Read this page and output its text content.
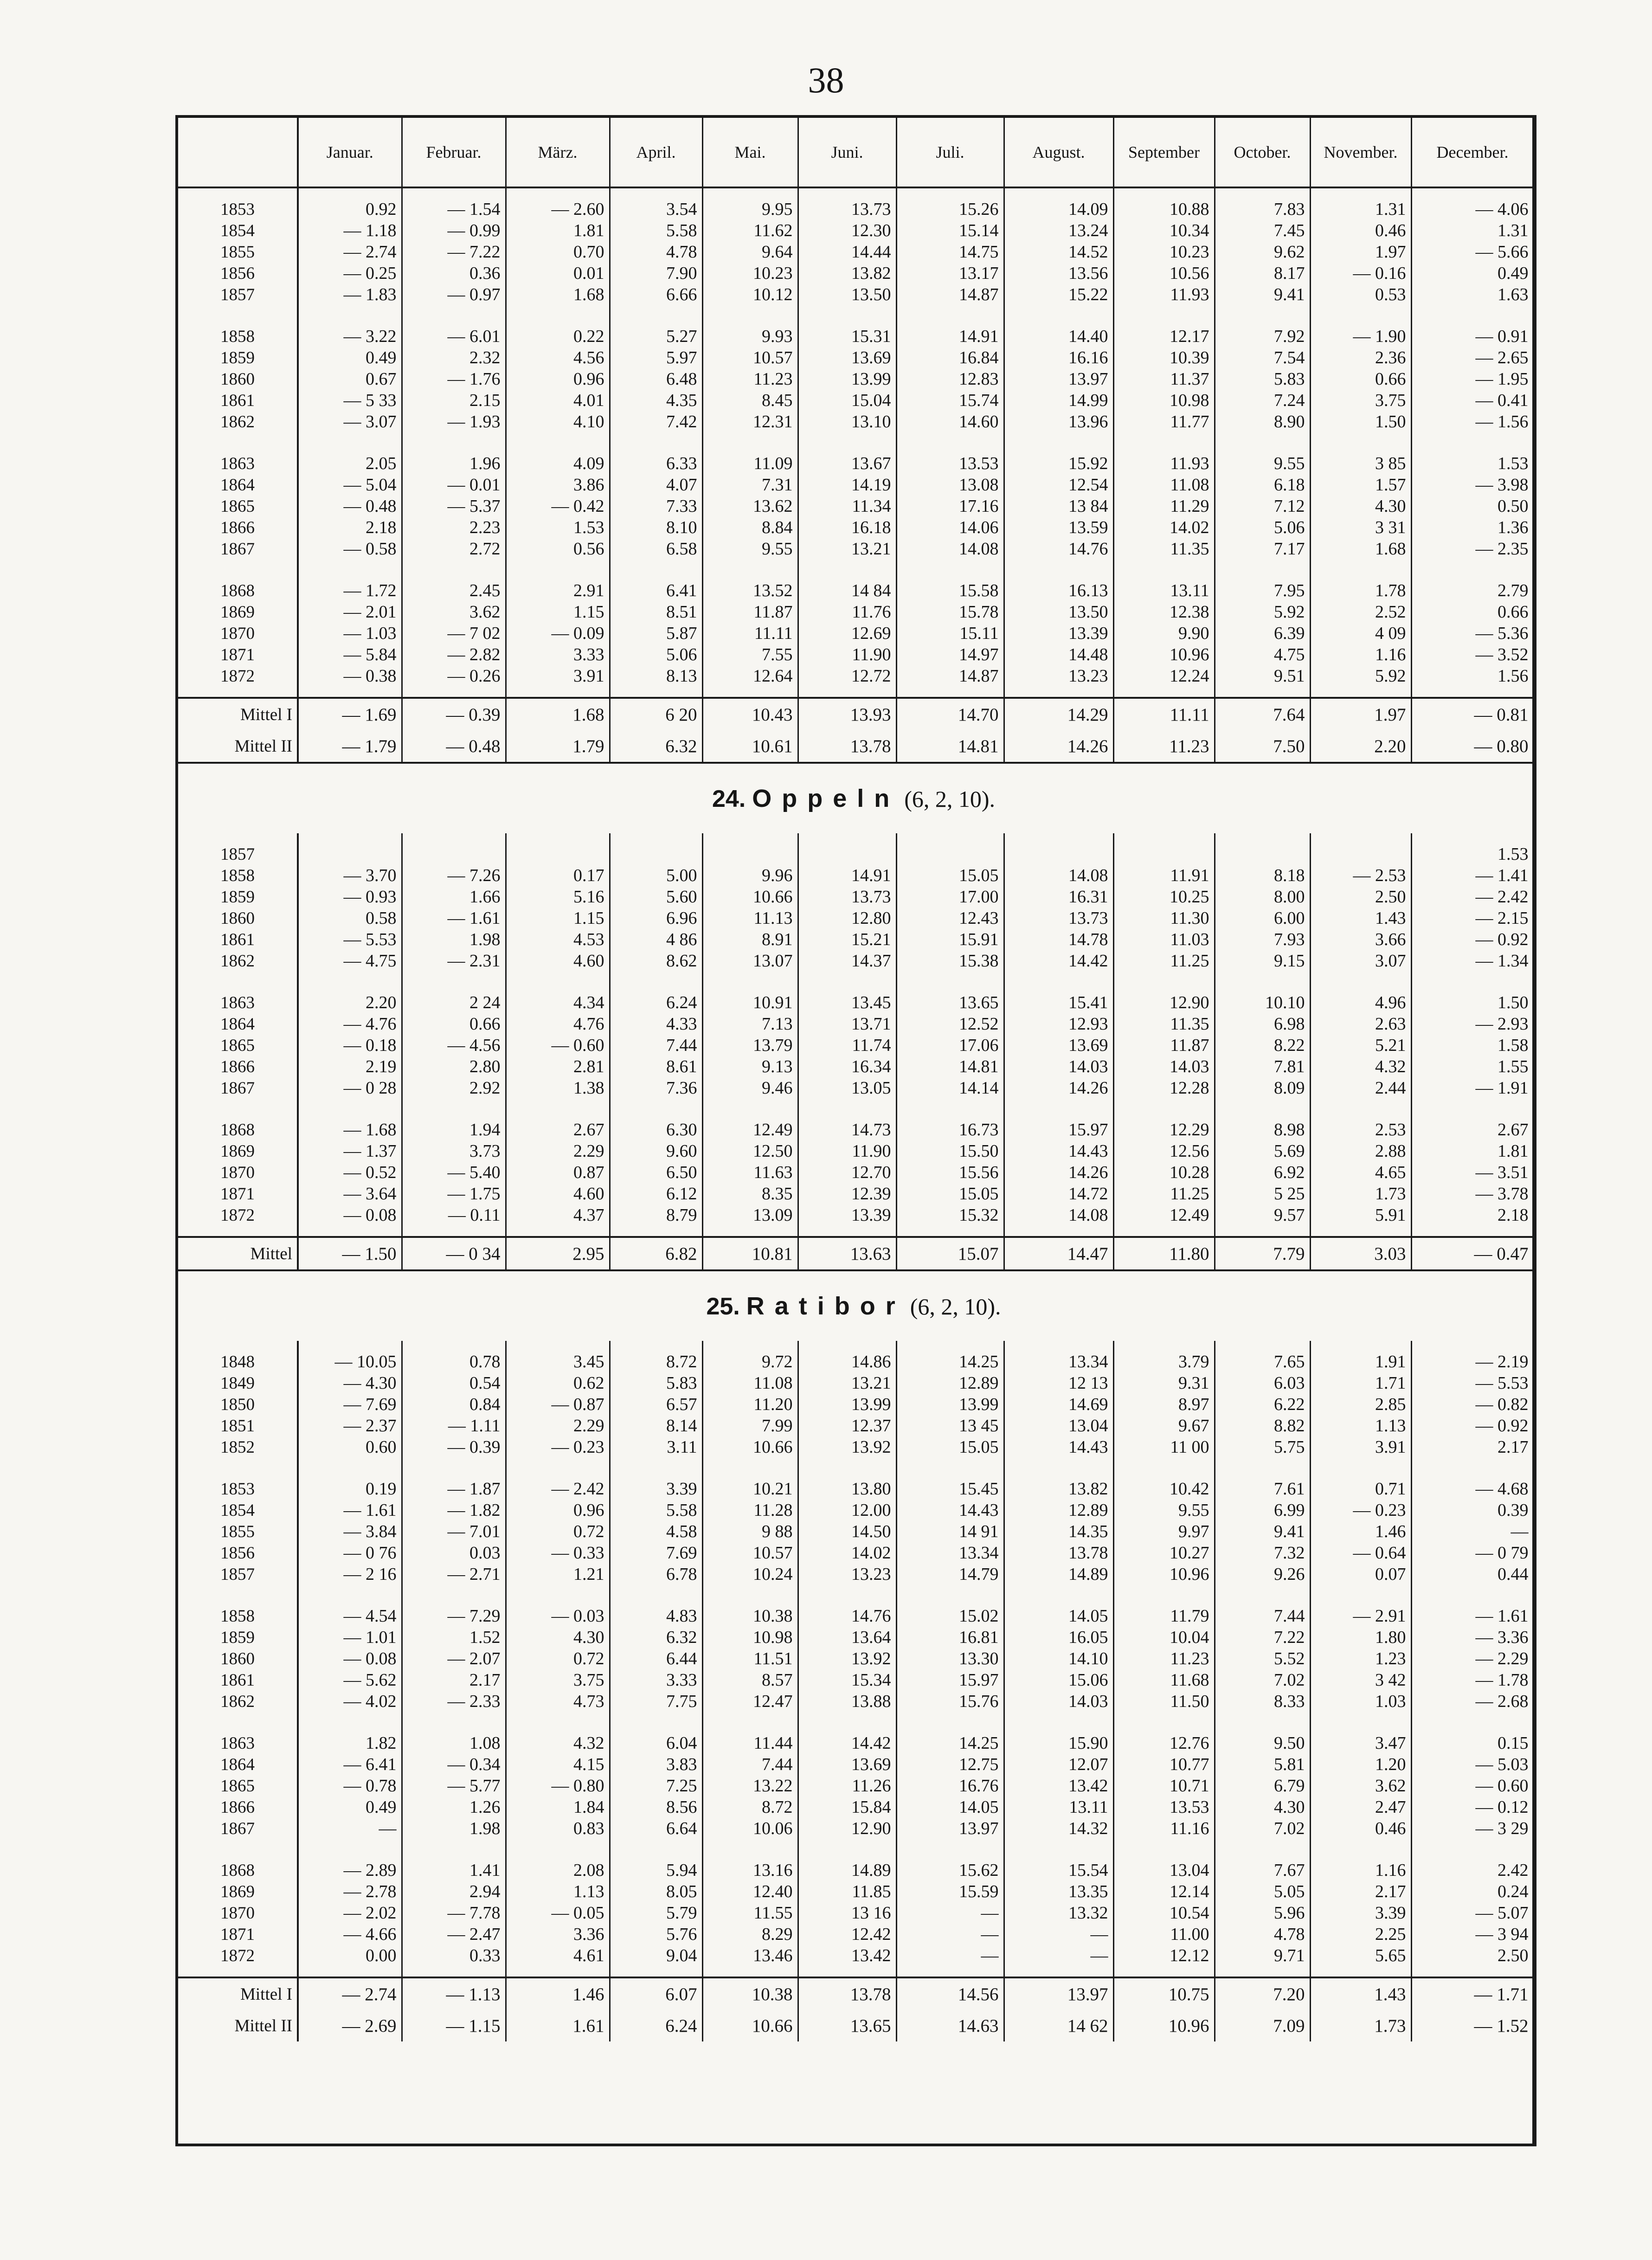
38
	Januar.	Februar.	März.	April.	Mai.	Juni.	Juli.	August.	September	October.	November.	December.

1853	0.92	— 1.54	— 2.60	3.54	9.95	13.73	15.26	14.09	10.88	7.83	1.31	— 4.06
1854	— 1.18	— 0.99	1.81	5.58	11.62	12.30	15.14	13.24	10.34	7.45	0.46	1.31
1855	— 2.74	— 7.22	0.70	4.78	9.64	14.44	14.75	14.52	10.23	9.62	1.97	— 5.66
1856	— 0.25	0.36	0.01	7.90	10.23	13.82	13.17	13.56	10.56	8.17	— 0.16	0.49
1857	— 1.83	— 0.97	1.68	6.66	10.12	13.50	14.87	15.22	11.93	9.41	0.53	1.63

1858	— 3.22	— 6.01	0.22	5.27	9.93	15.31	14.91	14.40	12.17	7.92	— 1.90	— 0.91
1859	0.49	2.32	4.56	5.97	10.57	13.69	16.84	16.16	10.39	7.54	2.36	— 2.65
1860	0.67	— 1.76	0.96	6.48	11.23	13.99	12.83	13.97	11.37	5.83	0.66	— 1.95
1861	— 5 33	2.15	4.01	4.35	8.45	15.04	15.74	14.99	10.98	7.24	3.75	— 0.41
1862	— 3.07	— 1.93	4.10	7.42	12.31	13.10	14.60	13.96	11.77	8.90	1.50	— 1.56

1863	2.05	1.96	4.09	6.33	11.09	13.67	13.53	15.92	11.93	9.55	3 85	1.53
1864	— 5.04	— 0.01	3.86	4.07	7.31	14.19	13.08	12.54	11.08	6.18	1.57	— 3.98
1865	— 0.48	— 5.37	— 0.42	7.33	13.62	11.34	17.16	13 84	11.29	7.12	4.30	0.50
1866	2.18	2.23	1.53	8.10	8.84	16.18	14.06	13.59	14.02	5.06	3 31	1.36
1867	— 0.58	2.72	0.56	6.58	9.55	13.21	14.08	14.76	11.35	7.17	1.68	— 2.35

1868	— 1.72	2.45	2.91	6.41	13.52	14 84	15.58	16.13	13.11	7.95	1.78	2.79
1869	— 2.01	3.62	1.15	8.51	11.87	11.76	15.78	13.50	12.38	5.92	2.52	0.66
1870	— 1.03	— 7 02	— 0.09	5.87	11.11	12.69	15.11	13.39	9.90	6.39	4 09	— 5.36
1871	— 5.84	— 2.82	3.33	5.06	7.55	11.90	14.97	14.48	10.96	4.75	1.16	— 3.52
1872	— 0.38	— 0.26	3.91	8.13	12.64	12.72	14.87	13.23	12.24	9.51	5.92	1.56

Mittel I	— 1.69	— 0.39	1.68	6 20	10.43	13.93	14.70	14.29	11.11	7.64	1.97	— 0.81
Mittel II	— 1.79	— 0.48	1.79	6.32	10.61	13.78	14.81	14.26	11.23	7.50	2.20	— 0.80
24. Oppeln (6, 2, 10).												

1857												1.53
1858	— 3.70	— 7.26	0.17	5.00	9.96	14.91	15.05	14.08	11.91	8.18	— 2.53	— 1.41
1859	— 0.93	1.66	5.16	5.60	10.66	13.73	17.00	16.31	10.25	8.00	2.50	— 2.42
1860	0.58	— 1.61	1.15	6.96	11.13	12.80	12.43	13.73	11.30	6.00	1.43	— 2.15
1861	— 5.53	1.98	4.53	4 86	8.91	15.21	15.91	14.78	11.03	7.93	3.66	— 0.92
1862	— 4.75	— 2.31	4.60	8.62	13.07	14.37	15.38	14.42	11.25	9.15	3.07	— 1.34

1863	2.20	2 24	4.34	6.24	10.91	13.45	13.65	15.41	12.90	10.10	4.96	1.50
1864	— 4.76	0.66	4.76	4.33	7.13	13.71	12.52	12.93	11.35	6.98	2.63	— 2.93
1865	— 0.18	— 4.56	— 0.60	7.44	13.79	11.74	17.06	13.69	11.87	8.22	5.21	1.58
1866	2.19	2.80	2.81	8.61	9.13	16.34	14.81	14.03	14.03	7.81	4.32	1.55
1867	— 0 28	2.92	1.38	7.36	9.46	13.05	14.14	14.26	12.28	8.09	2.44	— 1.91

1868	— 1.68	1.94	2.67	6.30	12.49	14.73	16.73	15.97	12.29	8.98	2.53	2.67
1869	— 1.37	3.73	2.29	9.60	12.50	11.90	15.50	14.43	12.56	5.69	2.88	1.81
1870	— 0.52	— 5.40	0.87	6.50	11.63	12.70	15.56	14.26	10.28	6.92	4.65	— 3.51
1871	— 3.64	— 1.75	4.60	6.12	8.35	12.39	15.05	14.72	11.25	5 25	1.73	— 3.78
1872	— 0.08	— 0.11	4.37	8.79	13.09	13.39	15.32	14.08	12.49	9.57	5.91	2.18

Mittel	— 1.50	— 0 34	2.95	6.82	10.81	13.63	15.07	14.47	11.80	7.79	3.03	— 0.47
25. Ratibor (6, 2, 10).												

1848	— 10.05	0.78	3.45	8.72	9.72	14.86	14.25	13.34	3.79	7.65	1.91	— 2.19
1849	— 4.30	0.54	0.62	5.83	11.08	13.21	12.89	12 13	9.31	6.03	1.71	— 5.53
1850	— 7.69	0.84	— 0.87	6.57	11.20	13.99	13.99	14.69	8.97	6.22	2.85	— 0.82
1851	— 2.37	— 1.11	2.29	8.14	7.99	12.37	13 45	13.04	9.67	8.82	1.13	— 0.92
1852	0.60	— 0.39	— 0.23	3.11	10.66	13.92	15.05	14.43	11 00	5.75	3.91	2.17

1853	0.19	— 1.87	— 2.42	3.39	10.21	13.80	15.45	13.82	10.42	7.61	0.71	— 4.68
1854	— 1.61	— 1.82	0.96	5.58	11.28	12.00	14.43	12.89	9.55	6.99	— 0.23	0.39
1855	— 3.84	— 7.01	0.72	4.58	9 88	14.50	14 91	14.35	9.97	9.41	1.46	—
1856	— 0 76	0.03	— 0.33	7.69	10.57	14.02	13.34	13.78	10.27	7.32	— 0.64	— 0 79
1857	— 2 16	— 2.71	1.21	6.78	10.24	13.23	14.79	14.89	10.96	9.26	0.07	0.44

1858	— 4.54	— 7.29	— 0.03	4.83	10.38	14.76	15.02	14.05	11.79	7.44	— 2.91	— 1.61
1859	— 1.01	1.52	4.30	6.32	10.98	13.64	16.81	16.05	10.04	7.22	1.80	— 3.36
1860	— 0.08	— 2.07	0.72	6.44	11.51	13.92	13.30	14.10	11.23	5.52	1.23	— 2.29
1861	— 5.62	2.17	3.75	3.33	8.57	15.34	15.97	15.06	11.68	7.02	3 42	— 1.78
1862	— 4.02	— 2.33	4.73	7.75	12.47	13.88	15.76	14.03	11.50	8.33	1.03	— 2.68

1863	1.82	1.08	4.32	6.04	11.44	14.42	14.25	15.90	12.76	9.50	3.47	0.15
1864	— 6.41	— 0.34	4.15	3.83	7.44	13.69	12.75	12.07	10.77	5.81	1.20	— 5.03
1865	— 0.78	— 5.77	— 0.80	7.25	13.22	11.26	16.76	13.42	10.71	6.79	3.62	— 0.60
1866	0.49	1.26	1.84	8.56	8.72	15.84	14.05	13.11	13.53	4.30	2.47	— 0.12
1867	—	1.98	0.83	6.64	10.06	12.90	13.97	14.32	11.16	7.02	0.46	— 3 29

1868	— 2.89	1.41	2.08	5.94	13.16	14.89	15.62	15.54	13.04	7.67	1.16	2.42
1869	— 2.78	2.94	1.13	8.05	12.40	11.85	15.59	13.35	12.14	5.05	2.17	0.24
1870	— 2.02	— 7.78	— 0.05	5.79	11.55	13 16	—	13.32	10.54	5.96	3.39	— 5.07
1871	— 4.66	— 2.47	3.36	5.76	8.29	12.42	—	—	11.00	4.78	2.25	— 3 94
1872	0.00	0.33	4.61	9.04	13.46	13.42	—	—	12.12	9.71	5.65	2.50

Mittel I	— 2.74	— 1.13	1.46	6.07	10.38	13.78	14.56	13.97	10.75	7.20	1.43	— 1.71
Mittel II	— 2.69	— 1.15	1.61	6.24	10.66	13.65	14.63	14 62	10.96	7.09	1.73	— 1.52
